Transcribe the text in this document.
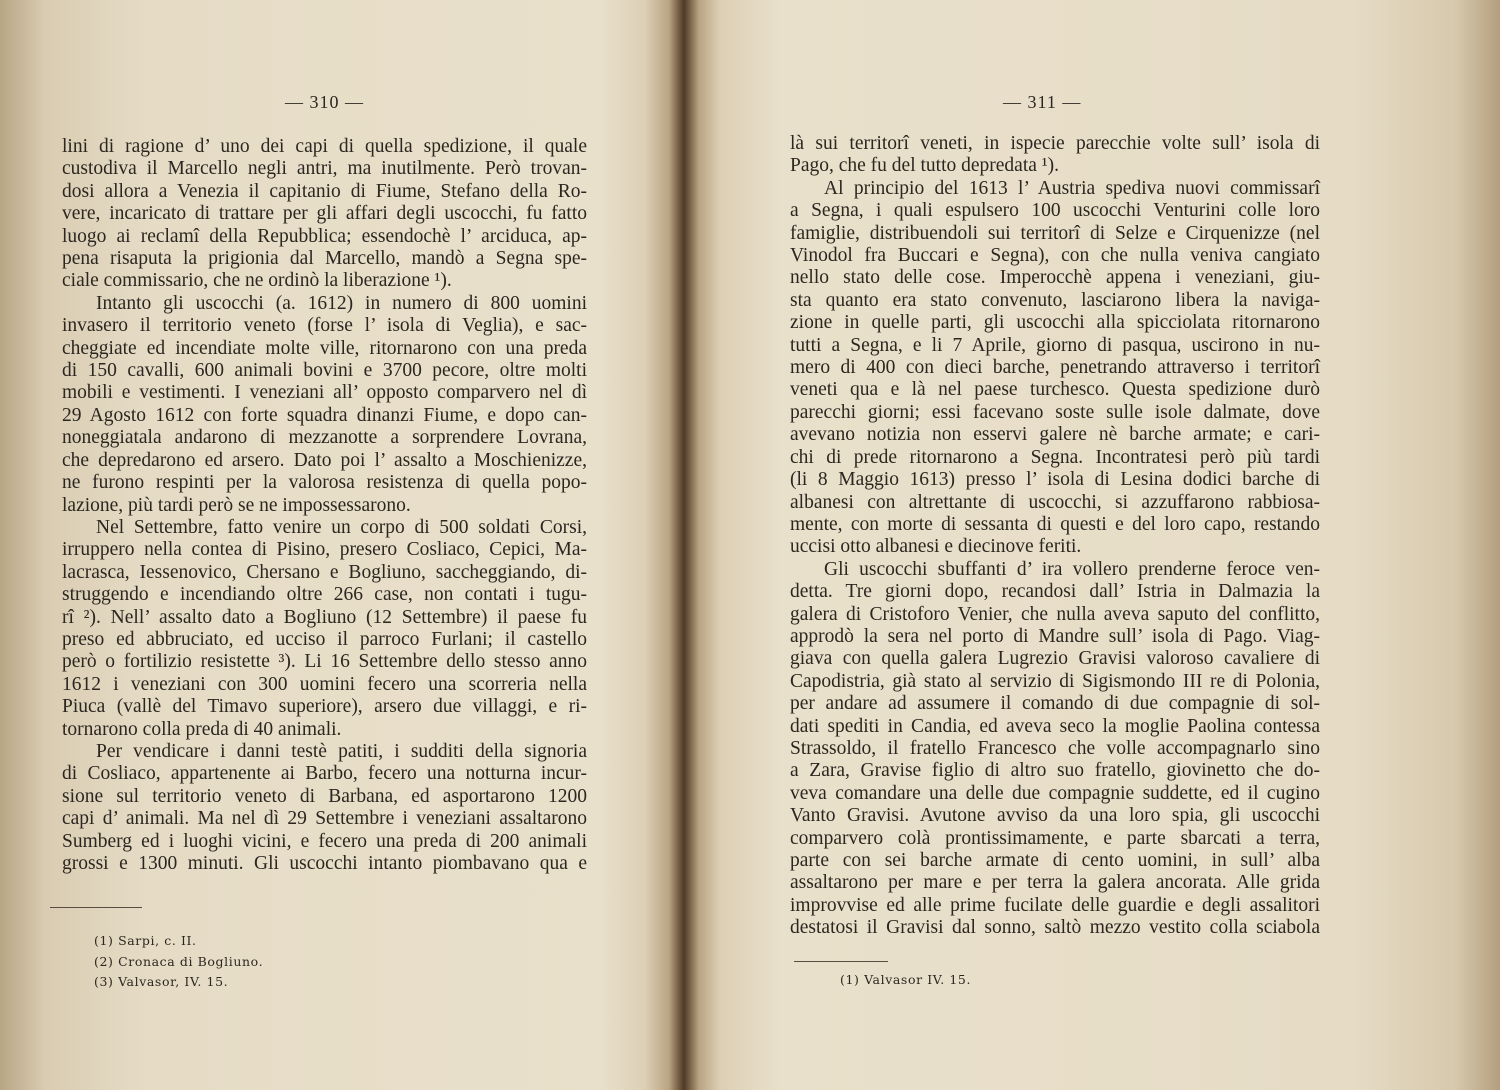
— 310 —
lini di ragione d’ uno dei capi di quella spedizione, il quale
custodiva il Marcello negli antri, ma inutilmente. Però trovan-
dosi allora a Venezia il capitanio di Fiume, Stefano della Ro-
vere, incaricato di trattare per gli affari degli uscocchi, fu fatto
luogo ai reclamî della Repubblica; essendochè l’ arciduca, ap-
pena risaputa la prigionia dal Marcello, mandò a Segna spe-
ciale commissario, che ne ordinò la liberazione ¹).
Intanto gli uscocchi (a. 1612) in numero di 800 uomini
invasero il territorio veneto (forse l’ isola di Veglia), e sac-
cheggiate ed incendiate molte ville, ritornarono con una preda
di 150 cavalli, 600 animali bovini e 3700 pecore, oltre molti
mobili e vestimenti. I veneziani all’ opposto comparvero nel dì
29 Agosto 1612 con forte squadra dinanzi Fiume, e dopo can-
noneggiatala andarono di mezzanotte a sorprendere Lovrana,
che depredarono ed arsero. Dato poi l’ assalto a Moschienizze,
ne furono respinti per la valorosa resistenza di quella popo-
lazione, più tardi però se ne impossessarono.
Nel Settembre, fatto venire un corpo di 500 soldati Corsi,
irruppero nella contea di Pisino, presero Cosliaco, Cepici, Ma-
lacrasca, Iessenovico, Chersano e Bogliuno, saccheggiando, di-
struggendo e incendiando oltre 266 case, non contati i tugu-
rî ²). Nell’ assalto dato a Bogliuno (12 Settembre) il paese fu
preso ed abbruciato, ed ucciso il parroco Furlani; il castello
però o fortilizio resistette ³). Li 16 Settembre dello stesso anno
1612 i veneziani con 300 uomini fecero una scorreria nella
Piuca (vallè del Timavo superiore), arsero due villaggi, e ri-
tornarono colla preda di 40 animali.
Per vendicare i danni testè patiti, i sudditi della signoria
di Cosliaco, appartenente ai Barbo, fecero una notturna incur-
sione sul territorio veneto di Barbana, ed asportarono 1200
capi d’ animali. Ma nel dì 29 Settembre i veneziani assaltarono
Sumberg ed i luoghi vicini, e fecero una preda di 200 animali
grossi e 1300 minuti. Gli uscocchi intanto piombavano qua e
(1) Sarpi, c. II.
(2) Cronaca di Bogliuno.
(3) Valvasor, IV. 15.
— 311 —
là sui territorî veneti, in ispecie parecchie volte sull’ isola di
Pago, che fu del tutto depredata ¹).
Al principio del 1613 l’ Austria spediva nuovi commissarî
a Segna, i quali espulsero 100 uscocchi Venturini colle loro
famiglie, distribuendoli sui territorî di Selze e Cirquenizze (nel
Vinodol fra Buccari e Segna), con che nulla veniva cangiato
nello stato delle cose. Imperocchè appena i veneziani, giu-
sta quanto era stato convenuto, lasciarono libera la naviga-
zione in quelle parti, gli uscocchi alla spicciolata ritornarono
tutti a Segna, e li 7 Aprile, giorno di pasqua, uscirono in nu-
mero di 400 con dieci barche, penetrando attraverso i territorî
veneti qua e là nel paese turchesco. Questa spedizione durò
parecchi giorni; essi facevano soste sulle isole dalmate, dove
avevano notizia non esservi galere nè barche armate; e cari-
chi di prede ritornarono a Segna. Incontratesi però più tardi
(li 8 Maggio 1613) presso l’ isola di Lesina dodici barche di
albanesi con altrettante di uscocchi, si azzuffarono rabbiosa-
mente, con morte di sessanta di questi e del loro capo, restando
uccisi otto albanesi e diecinove feriti.
Gli uscocchi sbuffanti d’ ira vollero prenderne feroce ven-
detta. Tre giorni dopo, recandosi dall’ Istria in Dalmazia la
galera di Cristoforo Venier, che nulla aveva saputo del conflitto,
approdò la sera nel porto di Mandre sull’ isola di Pago. Viag-
giava con quella galera Lugrezio Gravisi valoroso cavaliere di
Capodistria, già stato al servizio di Sigismondo III re di Polonia,
per andare ad assumere il comando di due compagnie di sol-
dati spediti in Candia, ed aveva seco la moglie Paolina contessa
Strassoldo, il fratello Francesco che volle accompagnarlo sino
a Zara, Gravise figlio di altro suo fratello, giovinetto che do-
veva comandare una delle due compagnie suddette, ed il cugino
Vanto Gravisi. Avutone avviso da una loro spia, gli uscocchi
comparvero colà prontissimamente, e parte sbarcati a terra,
parte con sei barche armate di cento uomini, in sull’ alba
assaltarono per mare e per terra la galera ancorata. Alle grida
improvvise ed alle prime fucilate delle guardie e degli assalitori
destatosi il Gravisi dal sonno, saltò mezzo vestito colla sciabola
(1) Valvasor IV. 15.
